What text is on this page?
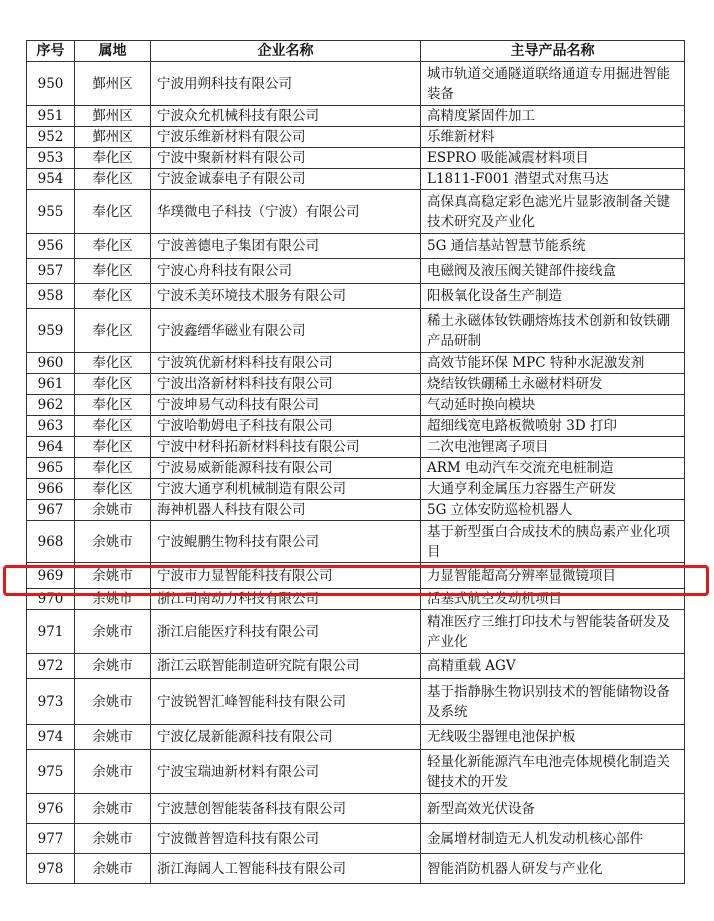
序号	属地	企业名称	主导产品名称
950	鄞州区	宁波用朔科技有限公司	城市轨道交通隧道联络通道专用掘进智能装备
951	鄞州区	宁波众允机械科技有限公司	高精度紧固件加工
952	鄞州区	宁波乐维新材料有限公司	乐维新材料
953	奉化区	宁波中聚新材料有限公司	ESPRO 吸能减震材料项目
954	奉化区	宁波金诚泰电子有限公司	L1811-F001 潜望式对焦马达
955	奉化区	华璞微电子科技（宁波）有限公司	高保真高稳定彩色滤光片显影液制备关键技术研究及产业化
956	奉化区	宁波善德电子集团有限公司	5G 通信基站智慧节能系统
957	奉化区	宁波心舟科技有限公司	电磁阀及液压阀关键部件接线盒
958	奉化区	宁波禾美环境技术服务有限公司	阳极氧化设备生产制造
959	奉化区	宁波鑫缙华磁业有限公司	稀土永磁体钕铁硼熔炼技术创新和钕铁硼产品研制
960	奉化区	宁波筑优新材料科技有限公司	高效节能环保 MPC 特种水泥激发剂
961	奉化区	宁波出洛新材料科技有限公司	烧结钕铁硼稀土永磁材料研发
962	奉化区	宁波坤易气动科技有限公司	气动延时换向模块
963	奉化区	宁波哈勒姆电子科技有限公司	超细线宽电路板微喷射 3D 打印
964	奉化区	宁波中材科拓新材料科技有限公司	二次电池锂离子项目
965	奉化区	宁波易威新能源科技有限公司	ARM 电动汽车交流充电桩制造
966	奉化区	宁波大通亨利机械制造有限公司	大通亨利金属压力容器生产研发
967	余姚市	海神机器人科技有限公司	5G 立体安防巡检机器人
968	余姚市	宁波鲲鹏生物科技有限公司	基于新型蛋白合成技术的胰岛素产业化项目
969	余姚市	宁波市力显智能科技有限公司	力显智能超高分辨率显微镜项目
970	余姚市	浙江司南动力科技有限公司	活塞式航空发动机项目
971	余姚市	浙江启能医疗科技有限公司	精准医疗三维打印技术与智能装备研发及产业化
972	余姚市	浙江云联智能制造研究院有限公司	高精重载 AGV
973	余姚市	宁波锐智汇峰智能科技有限公司	基于指静脉生物识别技术的智能储物设备及系统
974	余姚市	宁波亿晟新能源科技有限公司	无线吸尘器锂电池保护板
975	余姚市	宁波宝瑞迪新材料有限公司	轻量化新能源汽车电池壳体规模化制造关键技术的开发
976	余姚市	宁波慧创智能装备科技有限公司	新型高效光伏设备
977	余姚市	宁波微普智造科技有限公司	金属增材制造无人机发动机核心部件
978	余姚市	浙江海阔人工智能科技有限公司	智能消防机器人研发与产业化
